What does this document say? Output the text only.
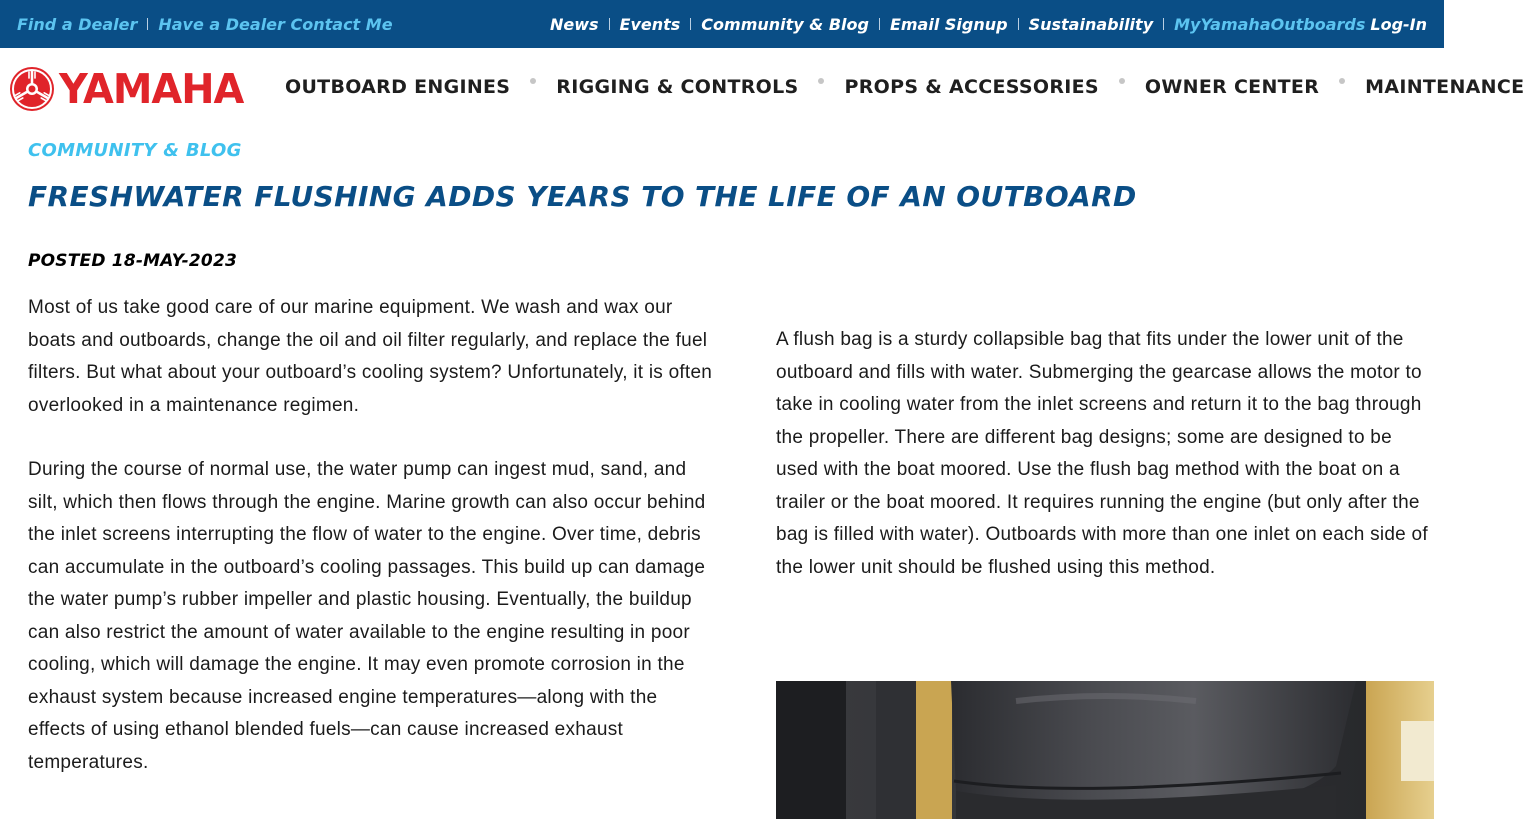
Find a Dealer Have a Dealer Contact Me	News Events Community & Blog Email Signup Sustainability MyYamahaOutboards Log-In
YAMAHA OUTBOARD ENGINES RIGGING & CONTROLS PROPS & ACCESSORIES OWNER CENTER MAINTENANCE
COMMUNITY & BLOG
FRESHWATER FLUSHING ADDS YEARS TO THE LIFE OF AN OUTBOARD
POSTED 18-MAY-2023

Most of us take good care of our marine equipment. We wash and wax our boats and outboards, change the oil and oil filter regularly, and replace the fuel filters. But what about your outboard’s cooling system? Unfortunately, it is often overlooked in a maintenance regimen.

During the course of normal use, the water pump can ingest mud, sand, and silt, which then flows through the engine. Marine growth can also occur behind the inlet screens interrupting the flow of water to the engine. Over time, debris can accumulate in the outboard’s cooling passages. This build up can damage the water pump’s rubber impeller and plastic housing. Eventually, the buildup can also restrict the amount of water available to the engine resulting in poor cooling, which will damage the engine. It may even promote corrosion in the exhaust system because increased engine temperatures—along with the effects of using ethanol blended fuels—can cause increased exhaust temperatures.

A flush bag is a sturdy collapsible bag that fits under the lower unit of the outboard and fills with water. Submerging the gearcase allows the motor to take in cooling water from the inlet screens and return it to the bag through the propeller. There are different bag designs; some are designed to be used with the boat moored. Use the flush bag method with the boat on a trailer or the boat moored. It requires running the engine (but only after the bag is filled with water). Outboards with more than one inlet on each side of the lower unit should be flushed using this method.
